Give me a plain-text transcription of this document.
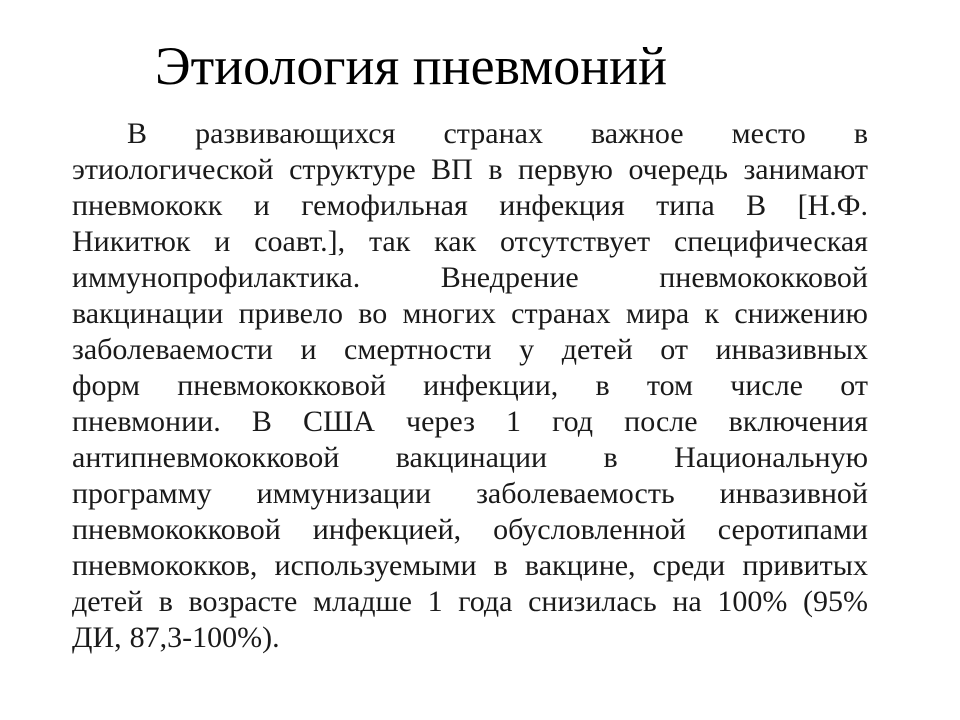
Этиология пневмоний
В развивающихся странах важное место в
этиологической структуре ВП в первую очередь занимают
пневмококк и гемофильная инфекция типа В [Н.Ф.
Никитюк и соавт.], так как отсутствует специфическая
иммунопрофилактика.	Внедрение	пневмококковой
вакцинации привело во многих странах мира к снижению
заболеваемости и смертности у детей от инвазивных
форм пневмококковой инфекции, в том числе от
пневмонии. В США через 1 год после включения
антипневмококковой вакцинации в Национальную
программу иммунизации заболеваемость инвазивной
пневмококковой инфекцией, обусловленной серотипами
пневмококков, используемыми в вакцине, среди привитых
детей в возрасте младше 1 года снизилась на 100% (95%
ДИ, 87,3-100%).
